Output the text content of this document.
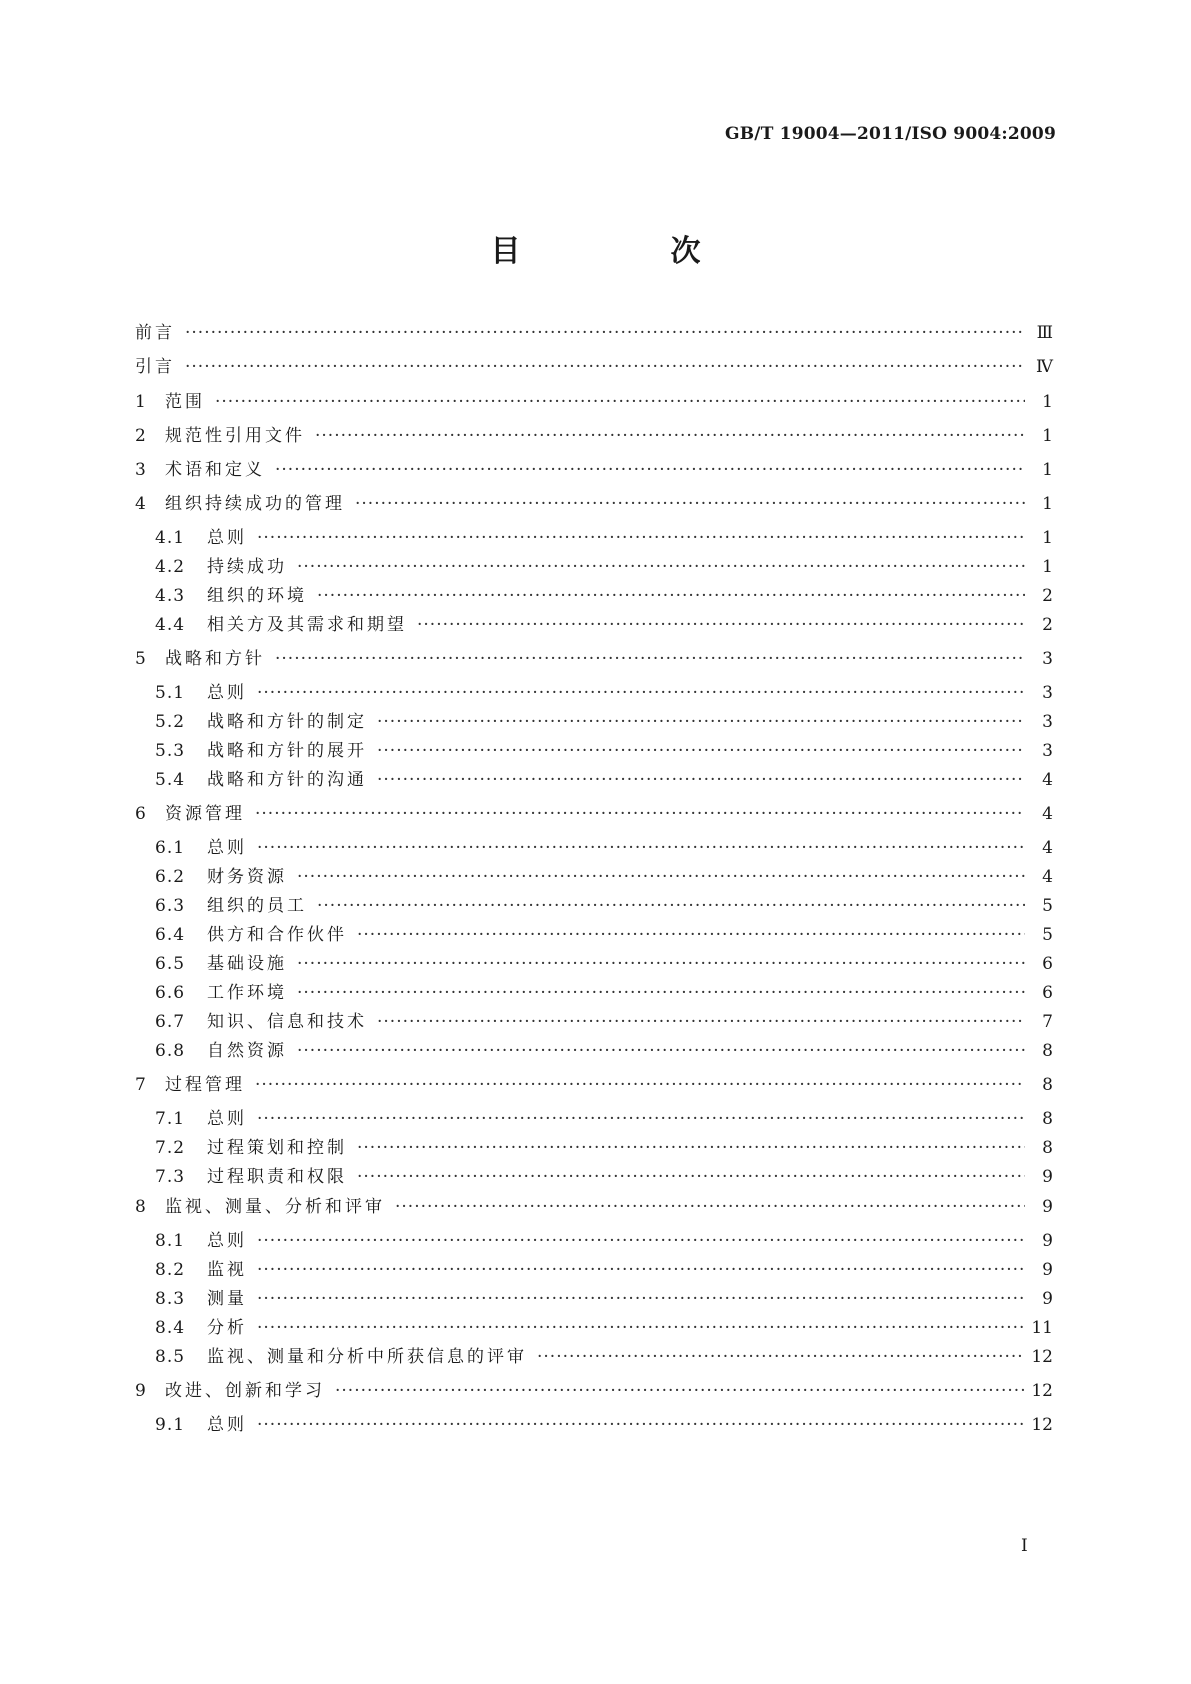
GB/T 19004—2011/ISO 9004:2009
目　次
前言 ·····	Ⅲ
引言 ·····	Ⅳ
1	范围 ·····	1
2	规范性引用文件 ·····	1
3	术语和定义 ·····	1
4	组织持续成功的管理 ·····	1
4.1	总则 ·····	1
4.2	持续成功 ·····	1
4.3	组织的环境 ·····	2
4.4	相关方及其需求和期望 ·····	2
5	战略和方针 ·····	3
5.1	总则 ·····	3
5.2	战略和方针的制定 ·····	3
5.3	战略和方针的展开 ·····	3
5.4	战略和方针的沟通 ·····	4
6	资源管理 ·····	4
6.1	总则 ·····	4
6.2	财务资源 ·····	4
6.3	组织的员工 ·····	5
6.4	供方和合作伙伴 ·····	5
6.5	基础设施 ·····	6
6.6	工作环境 ·····	6
6.7	知识、信息和技术 ·····	7
6.8	自然资源 ·····	8
7	过程管理 ·····	8
7.1	总则 ·····	8
7.2	过程策划和控制 ·····	8
7.3	过程职责和权限 ·····	9
8	监视、测量、分析和评审 ·····	9
8.1	总则 ·····	9
8.2	监视 ·····	9
8.3	测量 ·····	9
8.4	分析 ·····	11
8.5	监视、测量和分析中所获信息的评审 ·····	12
9	改进、创新和学习 ·····	12
9.1	总则 ·····	12
I
